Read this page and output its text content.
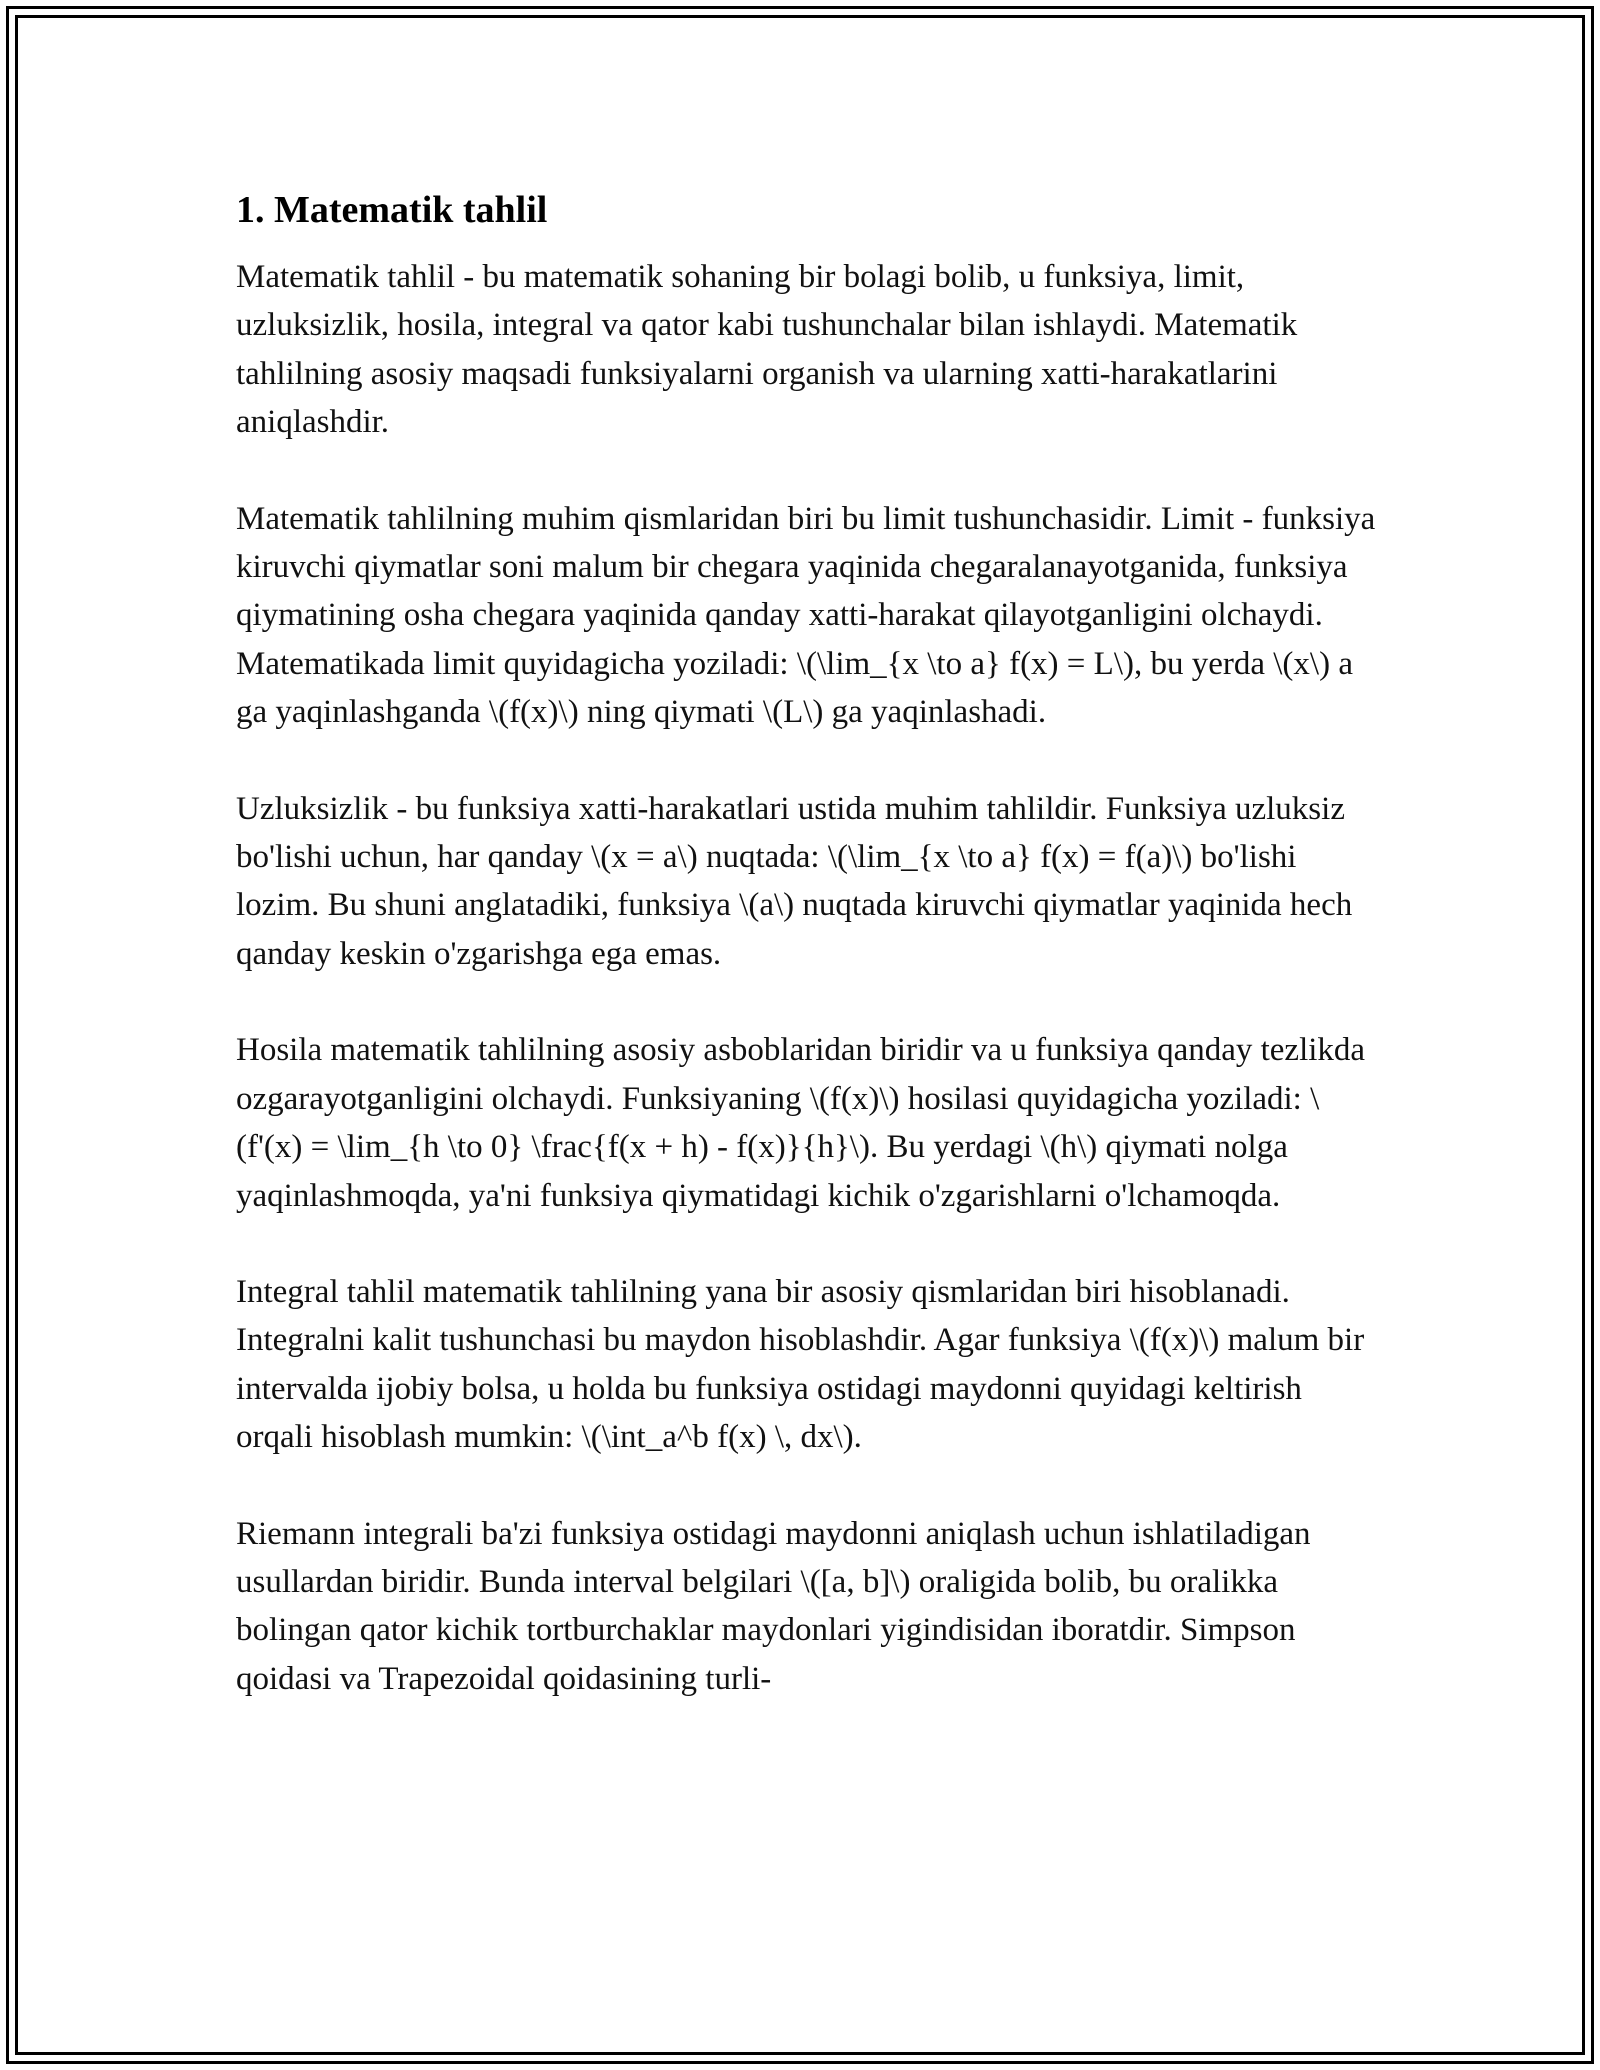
1. Matematik tahlil

Matematik tahlil - bu matematik sohaning bir bolagi bolib, u funksiya, limit, uzluksizlik, hosila, integral va qator kabi tushunchalar bilan ishlaydi. Matematik tahlilning asosiy maqsadi funksiyalarni organish va ularning xatti-harakatlarini aniqlashdir.

Matematik tahlilning muhim qismlaridan biri bu limit tushunchasidir. Limit - funksiya kiruvchi qiymatlar soni malum bir chegara yaqinida chegaralanayotganida, funksiya qiymatining osha chegara yaqinida qanday xatti-harakat qilayotganligini olchaydi. Matematikada limit quyidagicha yoziladi: \(\lim_{x \to a} f(x) = L\), bu yerda \(x\) a ga yaqinlashganda \(f(x)\) ning qiymati \(L\) ga yaqinlashadi.

Uzluksizlik - bu funksiya xatti-harakatlari ustida muhim tahlildir. Funksiya uzluksiz bo'lishi uchun, har qanday \(x = a\) nuqtada: \(\lim_{x \to a} f(x) = f(a)\) bo'lishi lozim. Bu shuni anglatadiki, funksiya \(a\) nuqtada kiruvchi qiymatlar yaqinida hech qanday keskin o'zgarishga ega emas.

Hosila matematik tahlilning asosiy asboblaridan biridir va u funksiya qanday tezlikda ozgarayotganligini olchaydi. Funksiyaning \(f(x)\) hosilasi quyidagicha yoziladi: \(f'(x) = \lim_{h \to 0} \frac{f(x + h) - f(x)}{h}\). Bu yerdagi \(h\) qiymati nolga yaqinlashmoqda, ya'ni funksiya qiymatidagi kichik o'zgarishlarni o'lchamoqda.

Integral tahlil matematik tahlilning yana bir asosiy qismlaridan biri hisoblanadi. Integralni kalit tushunchasi bu maydon hisoblashdir. Agar funksiya \(f(x)\) malum bir intervalda ijobiy bolsa, u holda bu funksiya ostidagi maydonni quyidagi keltirish orqali hisoblash mumkin: \(\int_a^b f(x) \, dx\).

Riemann integrali ba'zi funksiya ostidagi maydonni aniqlash uchun ishlatiladigan usullardan biridir. Bunda interval belgilari \([a, b]\) oraligida bolib, bu oralikka bolingan qator kichik tortburchaklar maydonlari yigindisidan iboratdir. Simpson qoidasi va Trapezoidal qoidasining turli-
